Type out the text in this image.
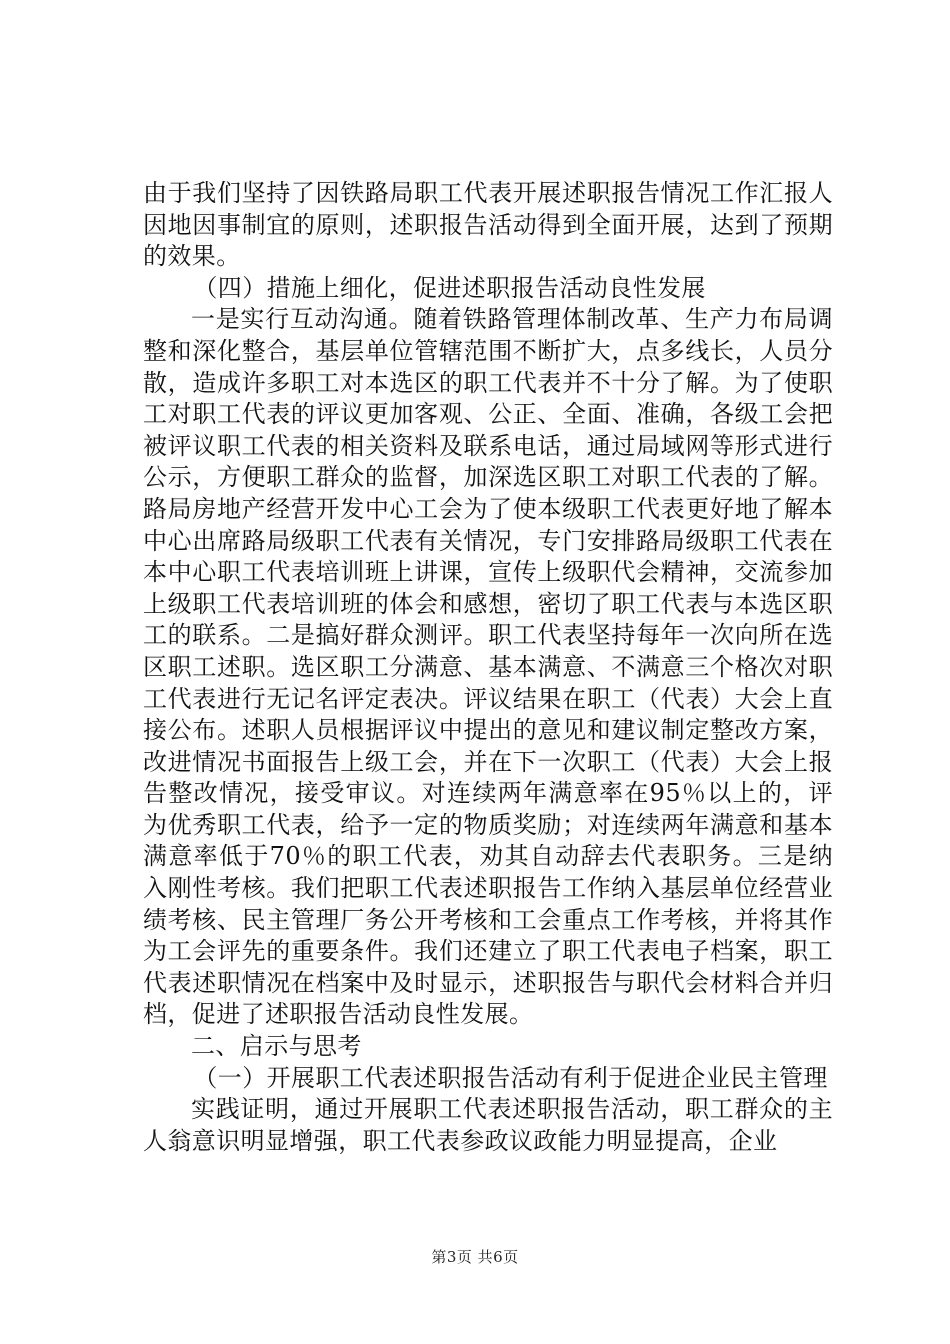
由于我们坚持了因铁路局职工代表开展述职报告情况工作汇报人因地因事制宜的原则，述职报告活动得到全面开展，达到了预期的效果。

（四）措施上细化，促进述职报告活动良性发展

一是实行互动沟通。随着铁路管理体制改革、生产力布局调整和深化整合，基层单位管辖范围不断扩大，点多线长，人员分散，造成许多职工对本选区的职工代表并不十分了解。为了使职工对职工代表的评议更加客观、公正、全面、准确，各级工会把被评议职工代表的相关资料及联系电话，通过局域网等形式进行公示，方便职工群众的监督，加深选区职工对职工代表的了解。路局房地产经营开发中心工会为了使本级职工代表更好地了解本中心出席路局级职工代表有关情况，专门安排路局级职工代表在本中心职工代表培训班上讲课，宣传上级职代会精神，交流参加上级职工代表培训班的体会和感想，密切了职工代表与本选区职工的联系。二是搞好群众测评。职工代表坚持每年一次向所在选区职工述职。选区职工分满意、基本满意、不满意三个格次对职工代表进行无记名评定表决。评议结果在职工（代表）大会上直接公布。述职人员根据评议中提出的意见和建议制定整改方案，改进情况书面报告上级工会，并在下一次职工（代表）大会上报告整改情况，接受审议。对连续两年满意率在95％以上的，评为优秀职工代表，给予一定的物质奖励；对连续两年满意和基本满意率低于70％的职工代表，劝其自动辞去代表职务。三是纳入刚性考核。我们把职工代表述职报告工作纳入基层单位经营业绩考核、民主管理厂务公开考核和工会重点工作考核，并将其作为工会评先的重要条件。我们还建立了职工代表电子档案，职工代表述职情况在档案中及时显示，述职报告与职代会材料合并归档，促进了述职报告活动良性发展。

二、启示与思考

（一）开展职工代表述职报告活动有利于促进企业民主管理

实践证明，通过开展职工代表述职报告活动，职工群众的主人翁意识明显增强，职工代表参政议政能力明显提高，企业

第3页 共6页
